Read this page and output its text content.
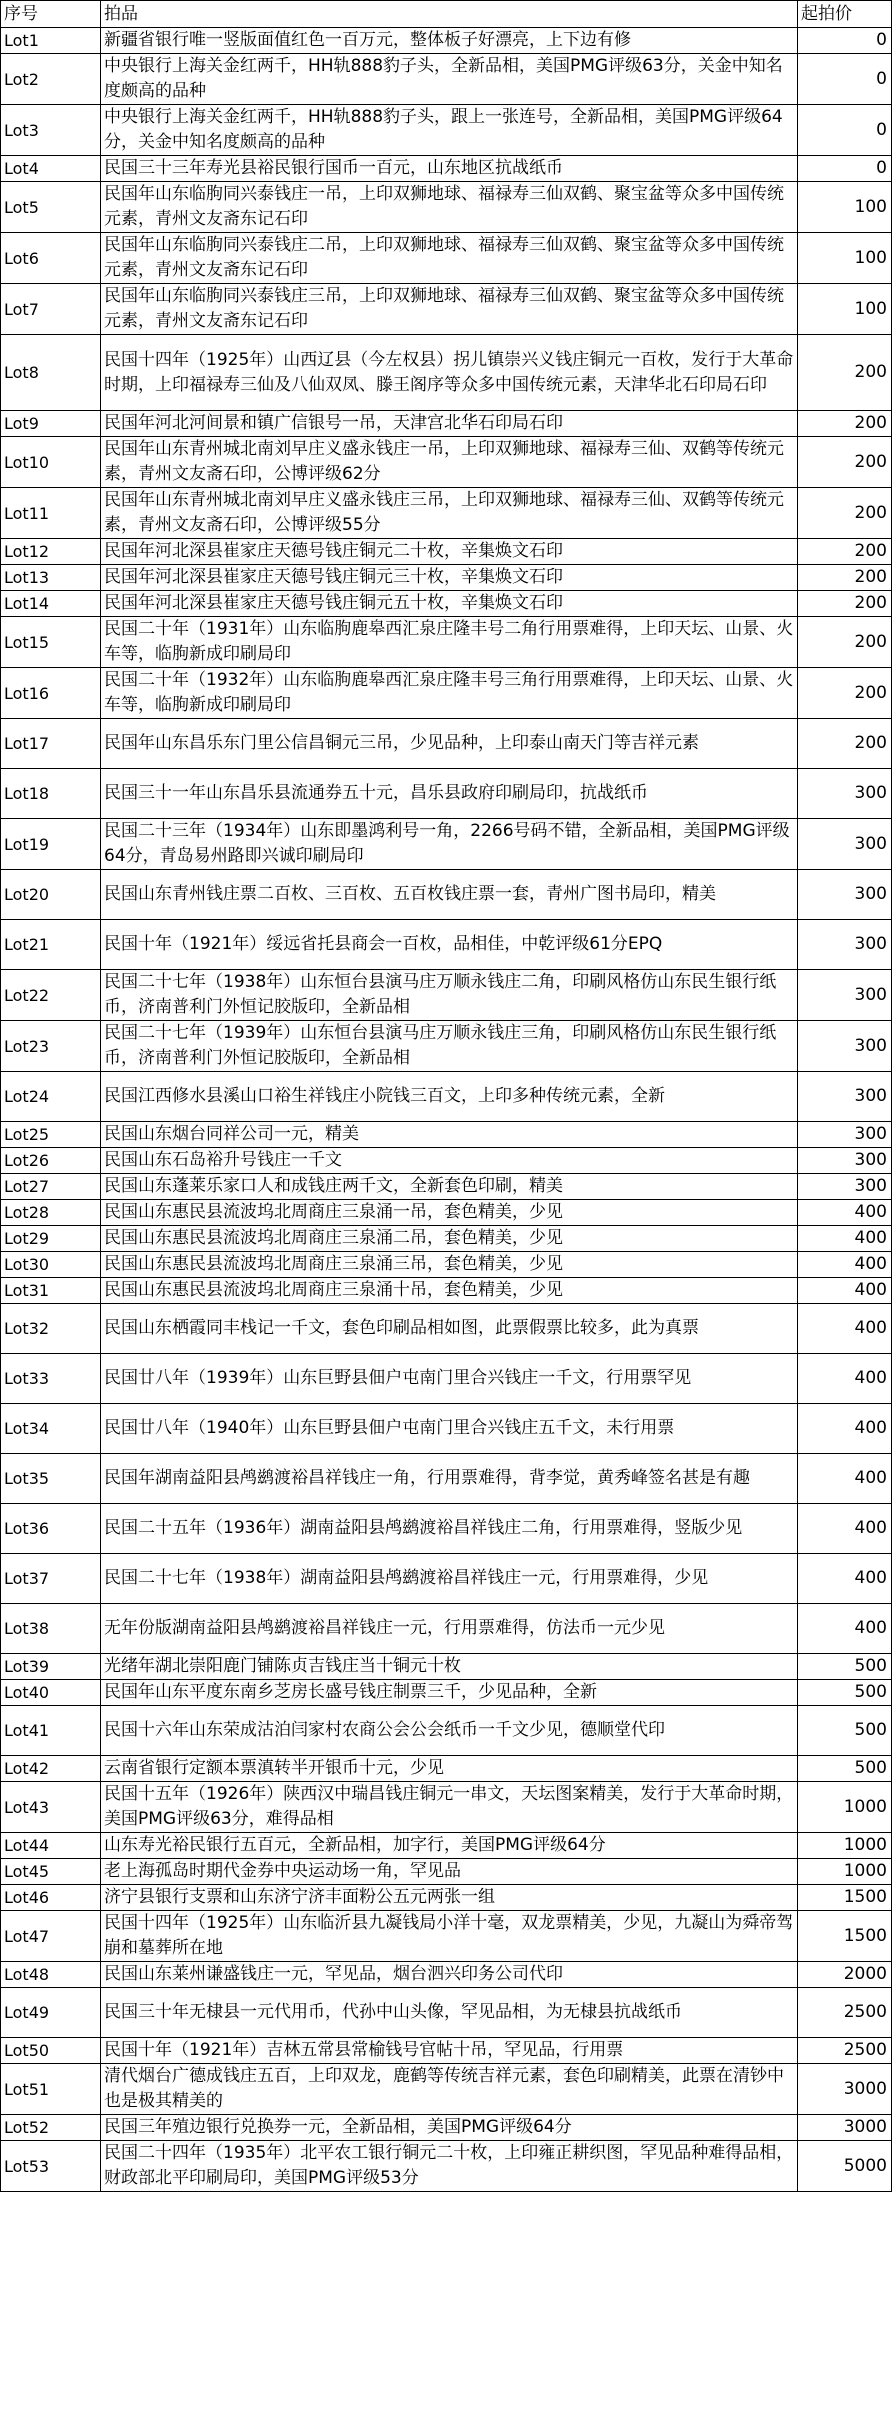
序号	拍品	起拍价
Lot1	新疆省银行唯一竖版面值红色一百万元，整体板子好漂亮，上下边有修	0
Lot2	中央银行上海关金红两千，HH轨888豹子头，全新品相，美国PMG评级63分，关金中知名度颇高的品种	0
Lot3	中央银行上海关金红两千，HH轨888豹子头，跟上一张连号，全新品相，美国PMG评级64分，关金中知名度颇高的品种	0
Lot4	民国三十三年寿光县裕民银行国币一百元，山东地区抗战纸币	0
Lot5	民国年山东临朐同兴泰钱庄一吊，上印双狮地球、福禄寿三仙双鹤、聚宝盆等众多中国传统元素，青州文友斋东记石印	100
Lot6	民国年山东临朐同兴泰钱庄二吊，上印双狮地球、福禄寿三仙双鹤、聚宝盆等众多中国传统元素，青州文友斋东记石印	100
Lot7	民国年山东临朐同兴泰钱庄三吊，上印双狮地球、福禄寿三仙双鹤、聚宝盆等众多中国传统元素，青州文友斋东记石印	100
Lot8	民国十四年（1925年）山西辽县（今左权县）拐儿镇崇兴义钱庄铜元一百枚，发行于大革命时期，上印福禄寿三仙及八仙双凤、滕王阁序等众多中国传统元素，天津华北石印局石印	200
Lot9	民国年河北河间景和镇广信银号一吊，天津宫北华石印局石印	200
Lot10	民国年山东青州城北南刘早庄义盛永钱庄一吊，上印双狮地球、福禄寿三仙、双鹤等传统元素，青州文友斋石印，公博评级62分	200
Lot11	民国年山东青州城北南刘早庄义盛永钱庄三吊，上印双狮地球、福禄寿三仙、双鹤等传统元素，青州文友斋石印，公博评级55分	200
Lot12	民国年河北深县崔家庄天德号钱庄铜元二十枚，辛集焕文石印	200
Lot13	民国年河北深县崔家庄天德号钱庄铜元三十枚，辛集焕文石印	200
Lot14	民国年河北深县崔家庄天德号钱庄铜元五十枚，辛集焕文石印	200
Lot15	民国二十年（1931年）山东临朐鹿皋西汇泉庄隆丰号二角行用票难得，上印天坛、山景、火车等，临朐新成印刷局印	200
Lot16	民国二十年（1932年）山东临朐鹿皋西汇泉庄隆丰号三角行用票难得，上印天坛、山景、火车等，临朐新成印刷局印	200
Lot17	民国年山东昌乐东门里公信昌铜元三吊，少见品种，上印泰山南天门等吉祥元素	200
Lot18	民国三十一年山东昌乐县流通券五十元，昌乐县政府印刷局印，抗战纸币	300
Lot19	民国二十三年（1934年）山东即墨鸿利号一角，2266号码不错，全新品相，美国PMG评级64分，青岛易州路即兴诚印刷局印	300
Lot20	民国山东青州钱庄票二百枚、三百枚、五百枚钱庄票一套，青州广图书局印，精美	300
Lot21	民国十年（1921年）绥远省托县商会一百枚，品相佳，中乾评级61分EPQ	300
Lot22	民国二十七年（1938年）山东恒台县演马庄万顺永钱庄二角，印刷风格仿山东民生银行纸币，济南普利门外恒记胶版印，全新品相	300
Lot23	民国二十七年（1939年）山东恒台县演马庄万顺永钱庄三角，印刷风格仿山东民生银行纸币，济南普利门外恒记胶版印，全新品相	300
Lot24	民国江西修水县溪山口裕生祥钱庄小院钱三百文，上印多种传统元素，全新	300
Lot25	民国山东烟台同祥公司一元，精美	300
Lot26	民国山东石岛裕升号钱庄一千文	300
Lot27	民国山东蓬莱乐家口人和成钱庄两千文，全新套色印刷，精美	300
Lot28	民国山东惠民县流波坞北周商庄三泉涌一吊，套色精美，少见	400
Lot29	民国山东惠民县流波坞北周商庄三泉涌二吊，套色精美，少见	400
Lot30	民国山东惠民县流波坞北周商庄三泉涌三吊，套色精美，少见	400
Lot31	民国山东惠民县流波坞北周商庄三泉涌十吊，套色精美，少见	400
Lot32	民国山东栖霞同丰栈记一千文，套色印刷品相如图，此票假票比较多，此为真票	400
Lot33	民国廿八年（1939年）山东巨野县佃户屯南门里合兴钱庄一千文，行用票罕见	400
Lot34	民国廿八年（1940年）山东巨野县佃户屯南门里合兴钱庄五千文，未行用票	400
Lot35	民国年湖南益阳县鸬鹚渡裕昌祥钱庄一角，行用票难得，背李觉，黄秀峰签名甚是有趣	400
Lot36	民国二十五年（1936年）湖南益阳县鸬鹚渡裕昌祥钱庄二角，行用票难得，竖版少见	400
Lot37	民国二十七年（1938年）湖南益阳县鸬鹚渡裕昌祥钱庄一元，行用票难得，少见	400
Lot38	无年份版湖南益阳县鸬鹚渡裕昌祥钱庄一元，行用票难得，仿法币一元少见	400
Lot39	光绪年湖北崇阳鹿门铺陈贞吉钱庄当十铜元十枚	500
Lot40	民国年山东平度东南乡芝房长盛号钱庄制票三千，少见品种，全新	500
Lot41	民国十六年山东荣成沽泊闫家村农商公会公会纸币一千文少见，德顺堂代印	500
Lot42	云南省银行定额本票滇转半开银币十元，少见	500
Lot43	民国十五年（1926年）陕西汉中瑞昌钱庄铜元一串文，天坛图案精美，发行于大革命时期，美国PMG评级63分，难得品相	1000
Lot44	山东寿光裕民银行五百元，全新品相，加字行，美国PMG评级64分	1000
Lot45	老上海孤岛时期代金券中央运动场一角，罕见品	1000
Lot46	济宁县银行支票和山东济宁济丰面粉公五元两张一组	1500
Lot47	民国十四年（1925年）山东临沂县九凝钱局小洋十毫，双龙票精美，少见，九凝山为舜帝驾崩和墓葬所在地	1500
Lot48	民国山东莱州谦盛钱庄一元，罕见品，烟台泗兴印务公司代印	2000
Lot49	民国三十年无棣县一元代用币，代孙中山头像，罕见品相，为无棣县抗战纸币	2500
Lot50	民国十年（1921年）吉林五常县常榆钱号官帖十吊，罕见品，行用票	2500
Lot51	清代烟台广德成钱庄五百，上印双龙，鹿鹤等传统吉祥元素，套色印刷精美，此票在清钞中也是极其精美的	3000
Lot52	民国三年殖边银行兑换券一元，全新品相，美国PMG评级64分	3000
Lot53	民国二十四年（1935年）北平农工银行铜元二十枚，上印雍正耕织图，罕见品种难得品相，财政部北平印刷局印，美国PMG评级53分	5000
